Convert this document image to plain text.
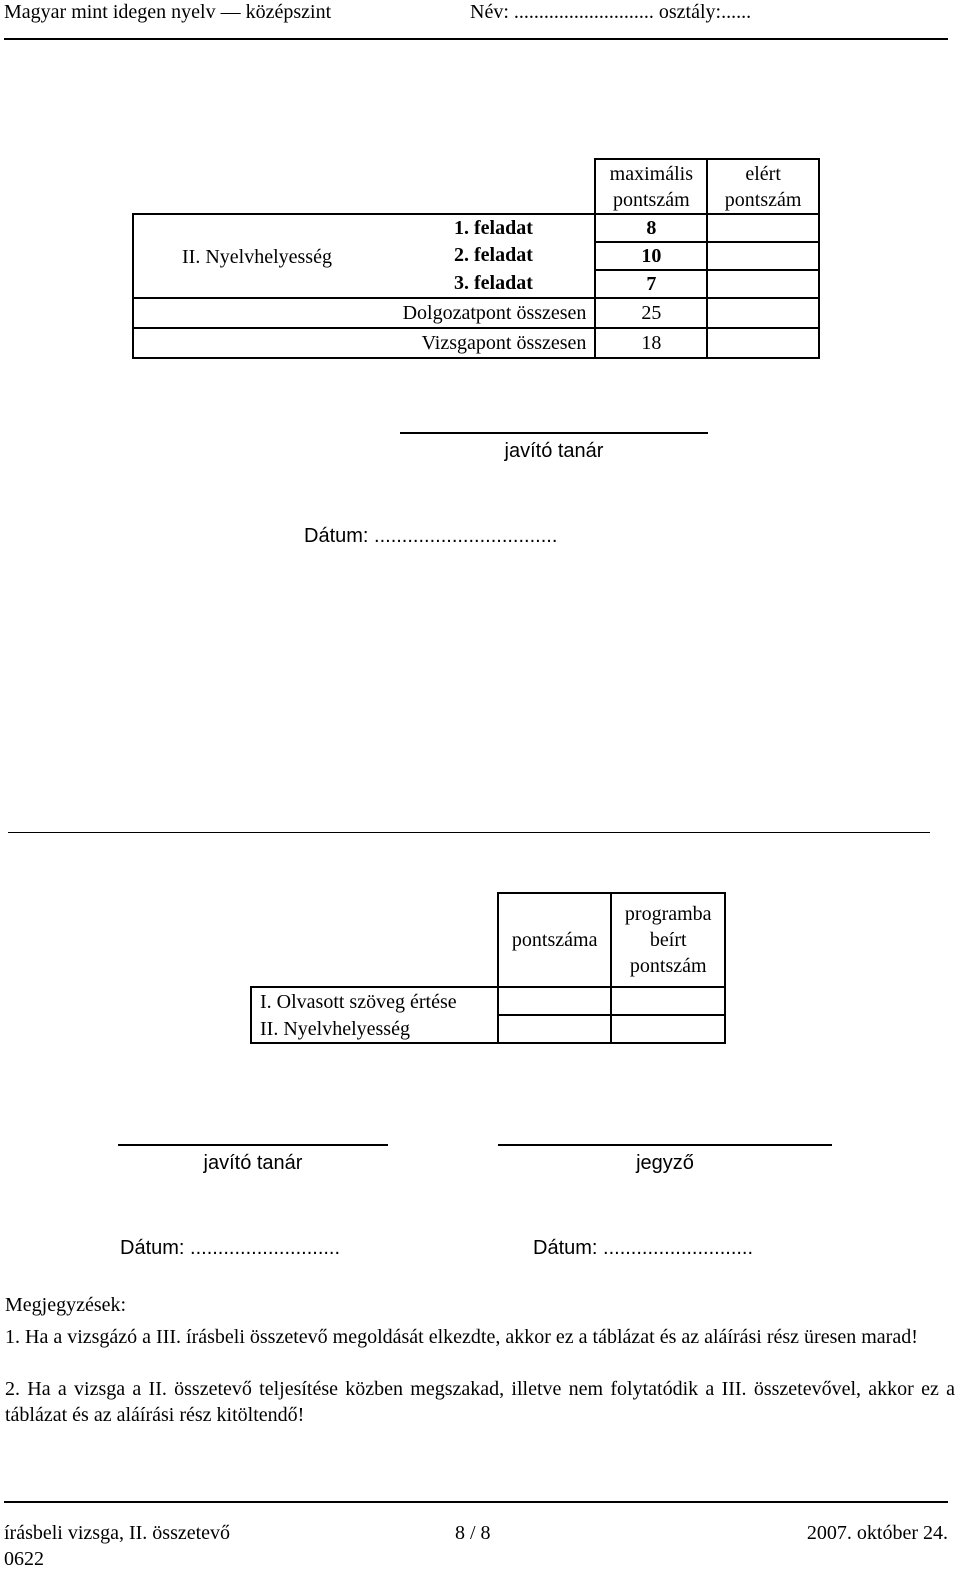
Magyar mint idegen nyelv — középszint	Név: ............................ osztály:......
	maximális pontszám	elért pontszám

II. Nyelvhelyesség
1. feladat	8	

2. feladat	10	

3. feladat	7	
Dolgozatpont összesen	25	
Vizsgapont összesen	18	
javító tanár
Dátum: .................................
	pontszáma	programba beírt pontszám
I. Olvasott szöveg értése		
II. Nyelvhelyesség		
javító tanár	jegyző
Dátum: ...........................	Dátum: ...........................
Megjegyzések:
1. Ha a vizsgázó a III. írásbeli összetevő megoldását elkezdte, akkor ez a táblázat és az aláírási rész üresen marad!
2. Ha a vizsga a II. összetevő teljesítése közben megszakad, illetve nem folytatódik a III. összetevővel, akkor ez a táblázat és az aláírási rész kitöltendő!
írásbeli vizsga, II. összetevő	8 / 8	2007. október 24.
0622
